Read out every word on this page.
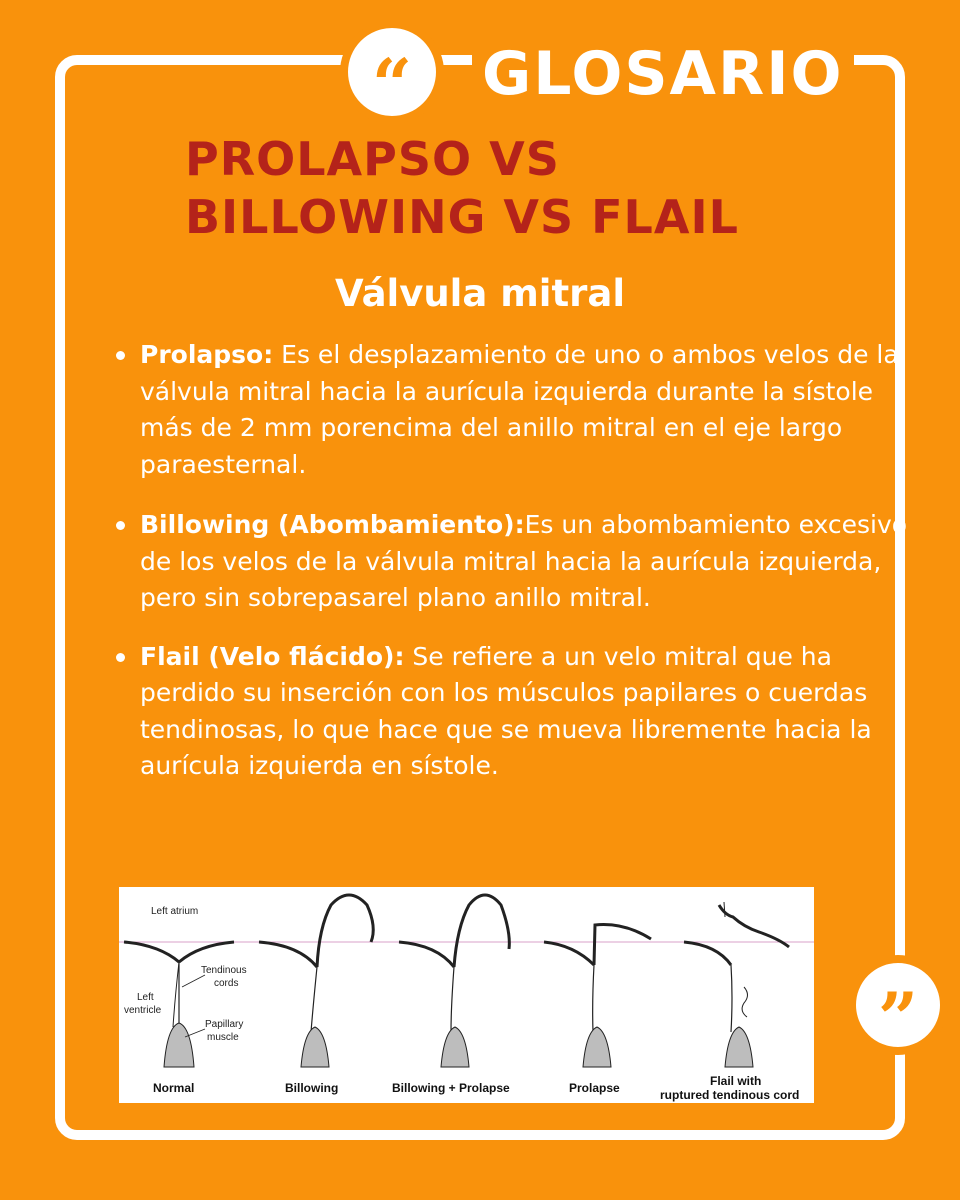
“ GLOSARIO
PROLAPSO VS
BILLOWING VS FLAIL
Válvula mitral
Prolapso: Es el desplazamiento de uno o ambos velos de la válvula mitral hacia la aurícula izquierda durante la sístole más de 2 mm porencima del anillo mitral en el eje largo paraesternal.
Billowing (Abombamiento):Es un abombamiento excesivo de los velos de la válvula mitral hacia la aurícula izquierda, pero sin sobrepasarel plano anillo mitral.
Flail (Velo flácido): Se refiere a un velo mitral que ha perdido su inserción con los músculos papilares o cuerdas tendinosas, lo que hace que se mueva libremente hacia la aurícula izquierda en sístole.
Left atrium
Tendinous
cords
Left
ventricle
Papillary
muscle
Normal	Billowing	Billowing + Prolapse	Prolapse	Flail with
ruptured tendinous cord
”
